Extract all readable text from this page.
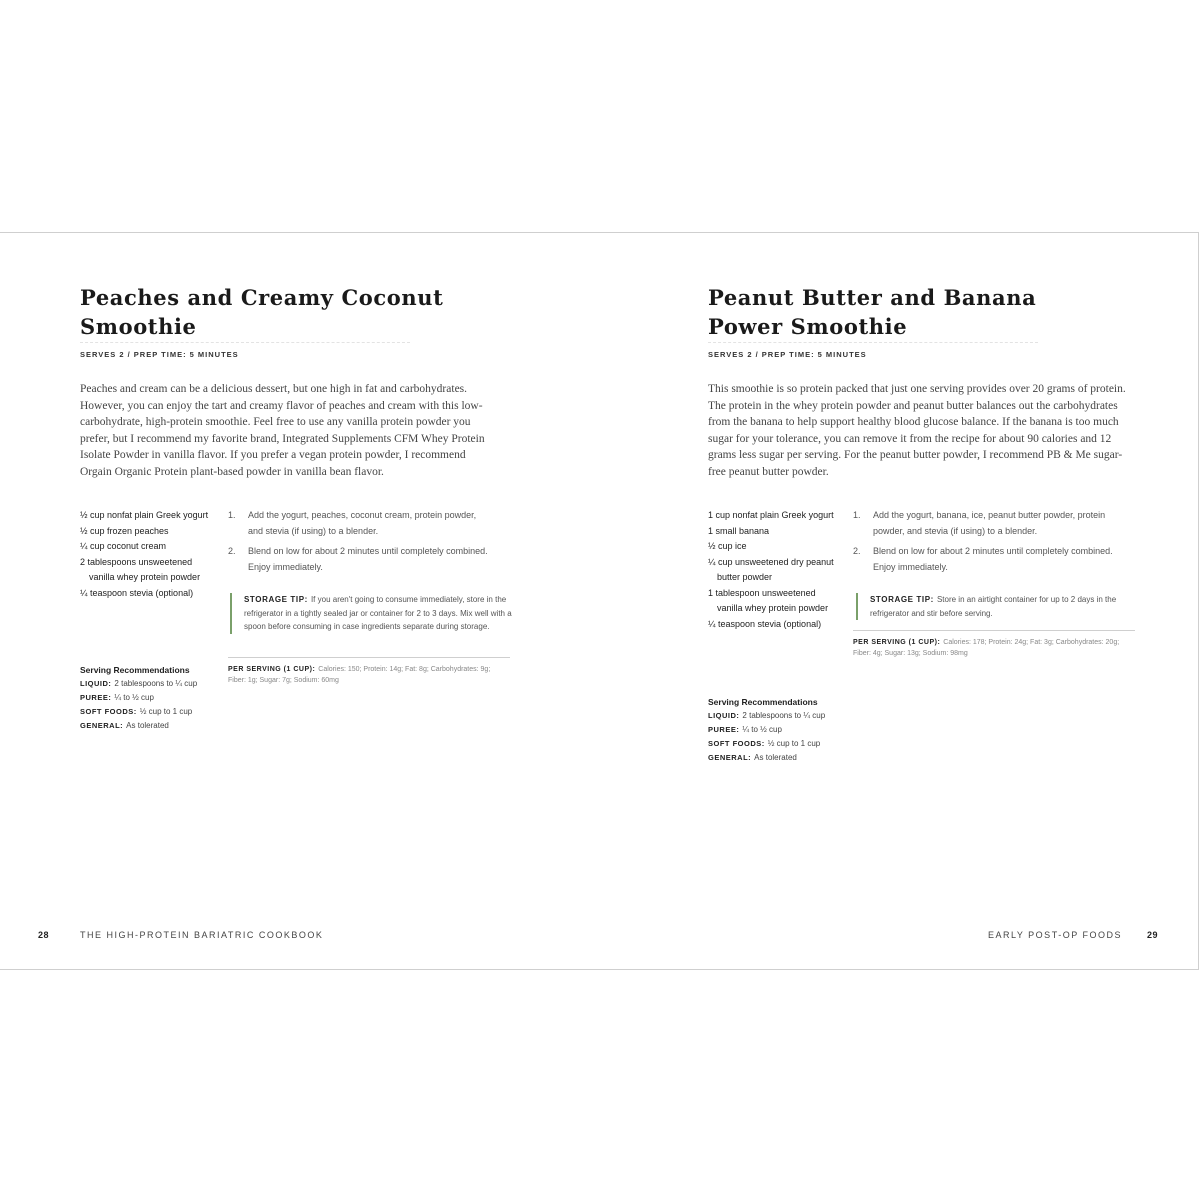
Peaches and Creamy Coconut
Smoothie
SERVES 2 / PREP TIME: 5 MINUTES

Peaches and cream can be a delicious dessert, but one high in fat and carbohydrates. However, you can enjoy the tart and creamy flavor of peaches and cream with this low-carbohydrate, high-protein smoothie. Feel free to use any vanilla protein powder you prefer, but I recommend my favorite brand, Integrated Supplements CFM Whey Protein Isolate Powder in vanilla flavor. If you prefer a vegan protein powder, I recommend Orgain Organic Protein plant-based powder in vanilla bean flavor.

½ cup nonfat plain Greek yogurt
½ cup frozen peaches
¼ cup coconut cream
2 tablespoons unsweetened vanilla whey protein powder
¼ teaspoon stevia (optional)
Serving Recommendations

LIQUID: 2 tablespoons to ¼ cup

PUREE: ¼ to ½ cup

SOFT FOODS: ½ cup to 1 cup

GENERAL: As tolerated

1.	Add the yogurt, peaches, coconut cream, protein powder, and stevia (if using) to a blender.
2.	Blend on low for about 2 minutes until completely combined. Enjoy immediately.
STORAGE TIP: If you aren't going to consume immediately, store in the refrigerator in a tightly sealed jar or container for 2 to 3 days. Mix well with a spoon before consuming in case ingredients separate during storage.
PER SERVING (1 CUP): Calories: 150; Protein: 14g; Fat: 8g; Carbohydrates: 9g; Fiber: 1g; Sugar: 7g; Sodium: 60mg
28	THE HIGH-PROTEIN BARIATRIC COOKBOOK
Peanut Butter and Banana
Power Smoothie
SERVES 2 / PREP TIME: 5 MINUTES

This smoothie is so protein packed that just one serving provides over 20 grams of protein. The protein in the whey protein powder and peanut butter balances out the carbohydrates from the banana to help support healthy blood glucose balance. If the banana is too much sugar for your tolerance, you can remove it from the recipe for about 90 calories and 12 grams less sugar per serving. For the peanut butter powder, I recommend PB & Me sugar-free peanut butter powder.

1 cup nonfat plain Greek yogurt
1 small banana
½ cup ice
¼ cup unsweetened dry peanut butter powder
1 tablespoon unsweetened vanilla whey protein powder
¼ teaspoon stevia (optional)
Serving Recommendations

LIQUID: 2 tablespoons to ¼ cup

PUREE: ¼ to ½ cup

SOFT FOODS: ½ cup to 1 cup

GENERAL: As tolerated

1.	Add the yogurt, banana, ice, peanut butter powder, protein powder, and stevia (if using) to a blender.
2.	Blend on low for about 2 minutes until completely combined. Enjoy immediately.
STORAGE TIP: Store in an airtight container for up to 2 days in the refrigerator and stir before serving.
PER SERVING (1 CUP): Calories: 178; Protein: 24g; Fat: 3g; Carbohydrates: 20g; Fiber: 4g; Sugar: 13g; Sodium: 98mg
EARLY POST-OP FOODS	29
